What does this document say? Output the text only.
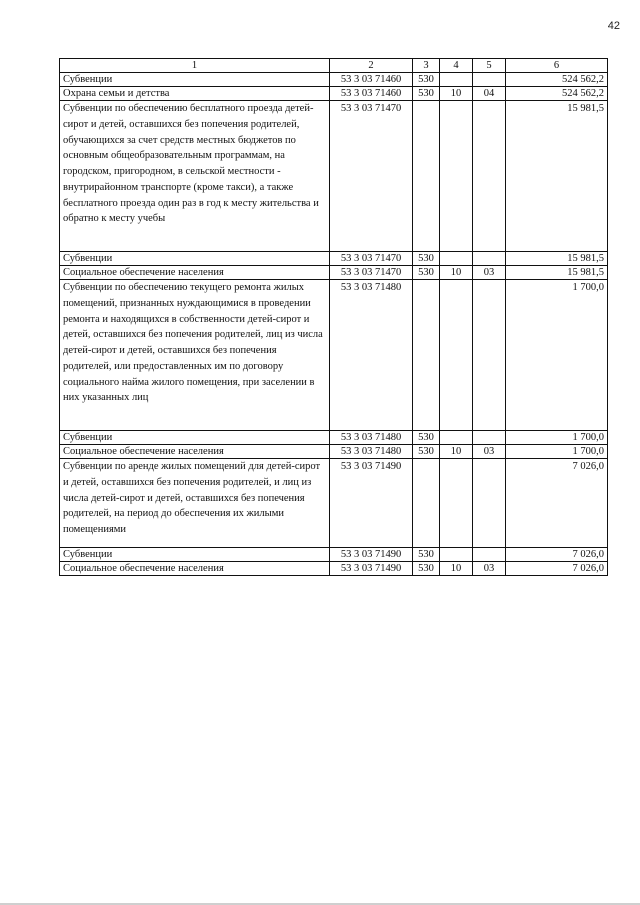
42
1	2	3	4	5	6
Субвенции	53 3 03 71460	530			524 562,2
Охрана семьи и детства	53 3 03 71460	530	10	04	524 562,2
Субвенции по обеспечению бесплатного проезда детей-сирот и детей, оставшихся без попечения родителей, обучающихся за счет средств местных бюджетов по основным общеобразовательным программам, на городском, пригородном, в сельской местности - внутрирайонном транспорте (кроме такси), а также бесплатного проезда один раз в год к месту жительства и обратно к месту учебы	53 3 03 71470				15 981,5
Субвенции	53 3 03 71470	530			15 981,5
Социальное обеспечение населения	53 3 03 71470	530	10	03	15 981,5
Субвенции по обеспечению текущего ремонта жилых помещений, признанных нуждающимися в проведении ремонта и находящихся в собственности детей-сирот и детей, оставшихся без попечения родителей, лиц из числа детей-сирот и детей, оставшихся без попечения родителей, или предоставленных им по договору социального найма жилого помещения, при заселении в них указанных лиц	53 3 03 71480				1 700,0
Субвенции	53 3 03 71480	530			1 700,0
Социальное обеспечение населения	53 3 03 71480	530	10	03	1 700,0
Субвенции по аренде жилых помещений для детей-сирот и детей, оставшихся без попечения родителей, и лиц из числа детей-сирот и детей, оставшихся без попечения родителей, на период до обеспечения их жилыми помещениями	53 3 03 71490				7 026,0
Субвенции	53 3 03 71490	530			7 026,0
Социальное обеспечение населения	53 3 03 71490	530	10	03	7 026,0
